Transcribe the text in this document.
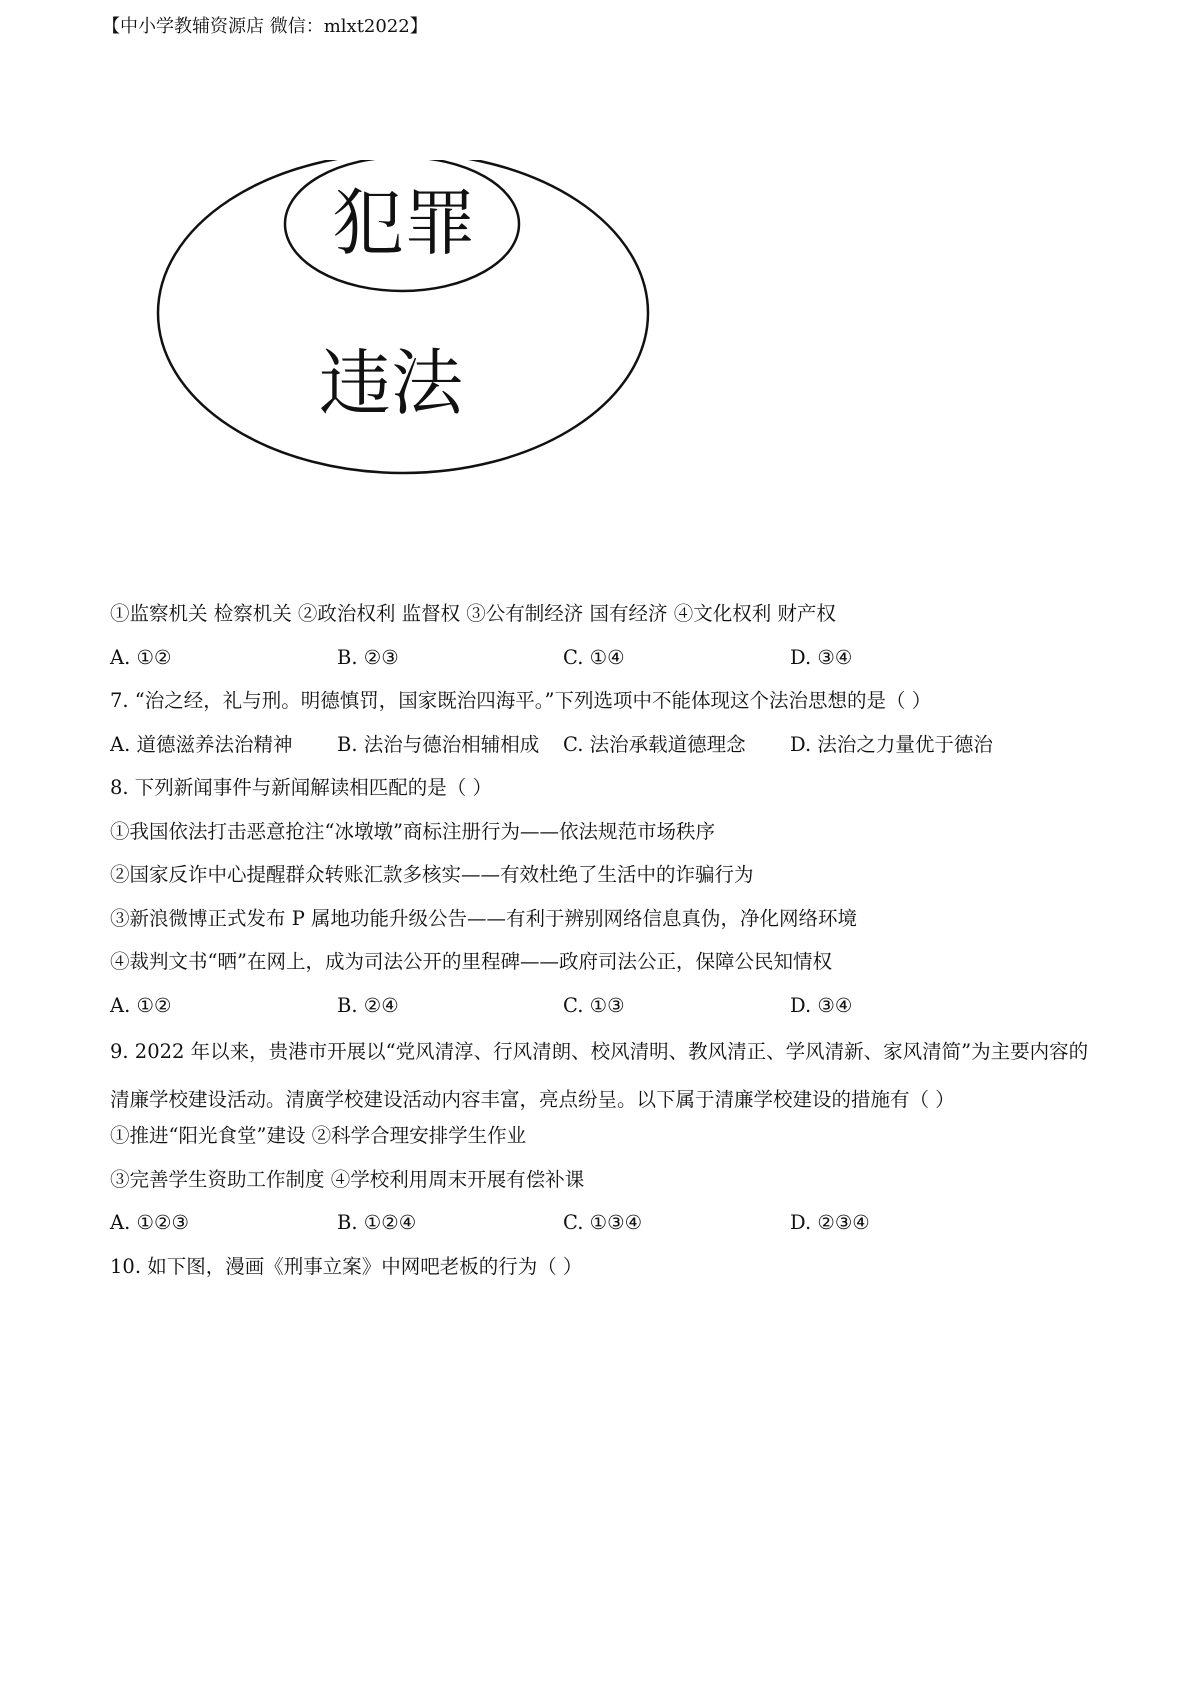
【中小学教辅资源店 微信：mlxt2022】
犯罪
违法
①监察机关 检察机关 ②政治权利 监督权 ③公有制经济 国有经济 ④文化权利 财产权
A. ①②	B. ②③	C. ①④	D. ③④
7. “治之经，礼与刑。明德慎罚，国家既治四海平。”下列选项中不能体现这个法治思想的是（ ）
A. 道德滋养法治精神 B. 法治与德治相辅相成 C. 法治承载道德理念 D. 法治之力量优于德治
8. 下列新闻事件与新闻解读相匹配的是（ ）
①我国依法打击恶意抢注“冰墩墩”商标注册行为——依法规范市场秩序
②国家反诈中心提醒群众转账汇款多核实——有效杜绝了生活中的诈骗行为
③新浪微博正式发布 P 属地功能升级公告——有利于辨别网络信息真伪，净化网络环境
④裁判文书“晒”在网上，成为司法公开的里程碑——政府司法公正，保障公民知情权
A. ①②	B. ②④	C. ①③	D. ③④
9. 2022 年以来，贵港市开展以“党风清淳、行风清朗、校风清明、教风清正、学风清新、家风清简”为主要内容的清廉学校建设活动。清廣学校建设活动内容丰富，亮点纷呈。以下属于清廉学校建设的措施有（ ）
①推进“阳光食堂”建设 ②科学合理安排学生作业
③完善学生资助工作制度 ④学校利用周末开展有偿补课
A. ①②③	B. ①②④	C. ①③④	D. ②③④
10. 如下图，漫画《刑事立案》中网吧老板的行为（ ）
